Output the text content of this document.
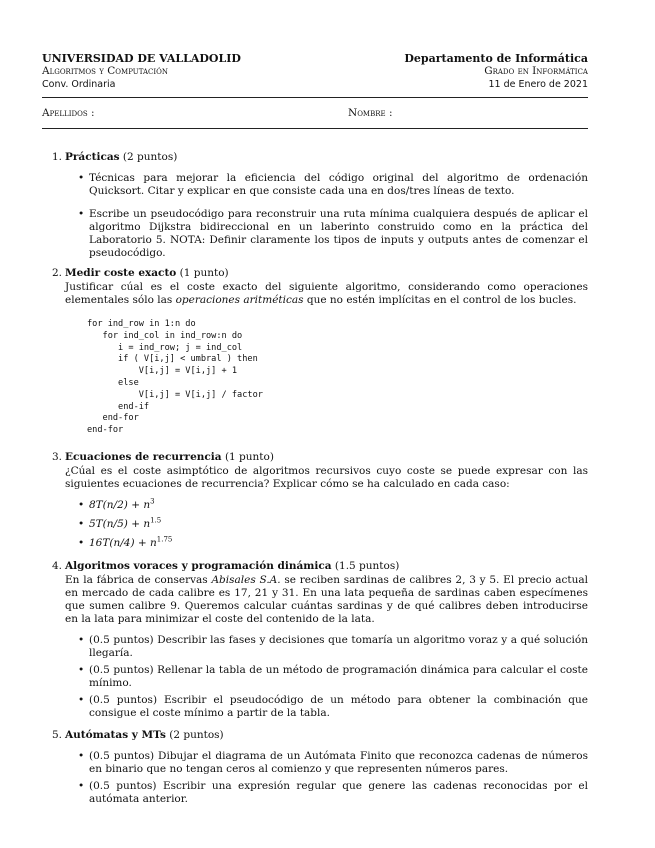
UNIVERSIDAD DE VALLADOLID	Departamento de Informática
Algoritmos y Computación	Grado en Informática
Conv. Ordinaria	11 de Enero de 2021
Apellidos :	Nombre :
1. Prácticas (2 puntos)
• Técnicas para mejorar la eficiencia del código original del algoritmo de ordenación Quicksort. Citar y explicar en que consiste cada una en dos/tres líneas de texto.
• Escribe un pseudocódigo para reconstruir una ruta mínima cualquiera después de aplicar el algoritmo Dijkstra bidireccional en un laberinto construido como en la práctica del Laboratorio 5. NOTA: Definir claramente los tipos de inputs y outputs antes de comenzar el pseudocódigo.
2. Medir coste exacto (1 punto)
Justificar cúal es el coste exacto del siguiente algoritmo, considerando como operaciones elementales sólo las operaciones aritméticas que no estén implícitas en el control de los bucles.
for ind_row in 1:n do
for ind_col in ind_row:n do
i = ind_row; j = ind_col
if ( V[i,j] < umbral ) then
V[i,j] = V[i,j] + 1
else
V[i,j] = V[i,j] / factor
end-if
end-for
end-for
3. Ecuaciones de recurrencia (1 punto)
¿Cúal es el coste asimptótico de algoritmos recursivos cuyo coste se puede expresar con las siguientes ecuaciones de recurrencia? Explicar cómo se ha calculado en cada caso:
• $8T(n/2) + n^3$
• $5T(n/5) + n^{1.5}$
• $16T(n/4) + n^{1.75}$
4. Algoritmos voraces y programación dinámica (1.5 puntos)
En la fábrica de conservas Abisales S.A. se reciben sardinas de calibres 2, 3 y 5. El precio actual en mercado de cada calibre es 17, 21 y 31. En una lata pequeña de sardinas caben especímenes que sumen calibre 9. Queremos calcular cuántas sardinas y de qué calibres deben introducirse en la lata para minimizar el coste del contenido de la lata.
• (0.5 puntos) Describir las fases y decisiones que tomaría un algoritmo voraz y a qué solución llegaría.
• (0.5 puntos) Rellenar la tabla de un método de programación dinámica para calcular el coste mínimo.
• (0.5 puntos) Escribir el pseudocódigo de un método para obtener la combinación que consigue el coste mínimo a partir de la tabla.
5. Autómatas y MTs (2 puntos)
• (0.5 puntos) Dibujar el diagrama de un Autómata Finito que reconozca cadenas de números en binario que no tengan ceros al comienzo y que representen números pares.
• (0.5 puntos) Escribir una expresión regular que genere las cadenas reconocidas por el autómata anterior.
